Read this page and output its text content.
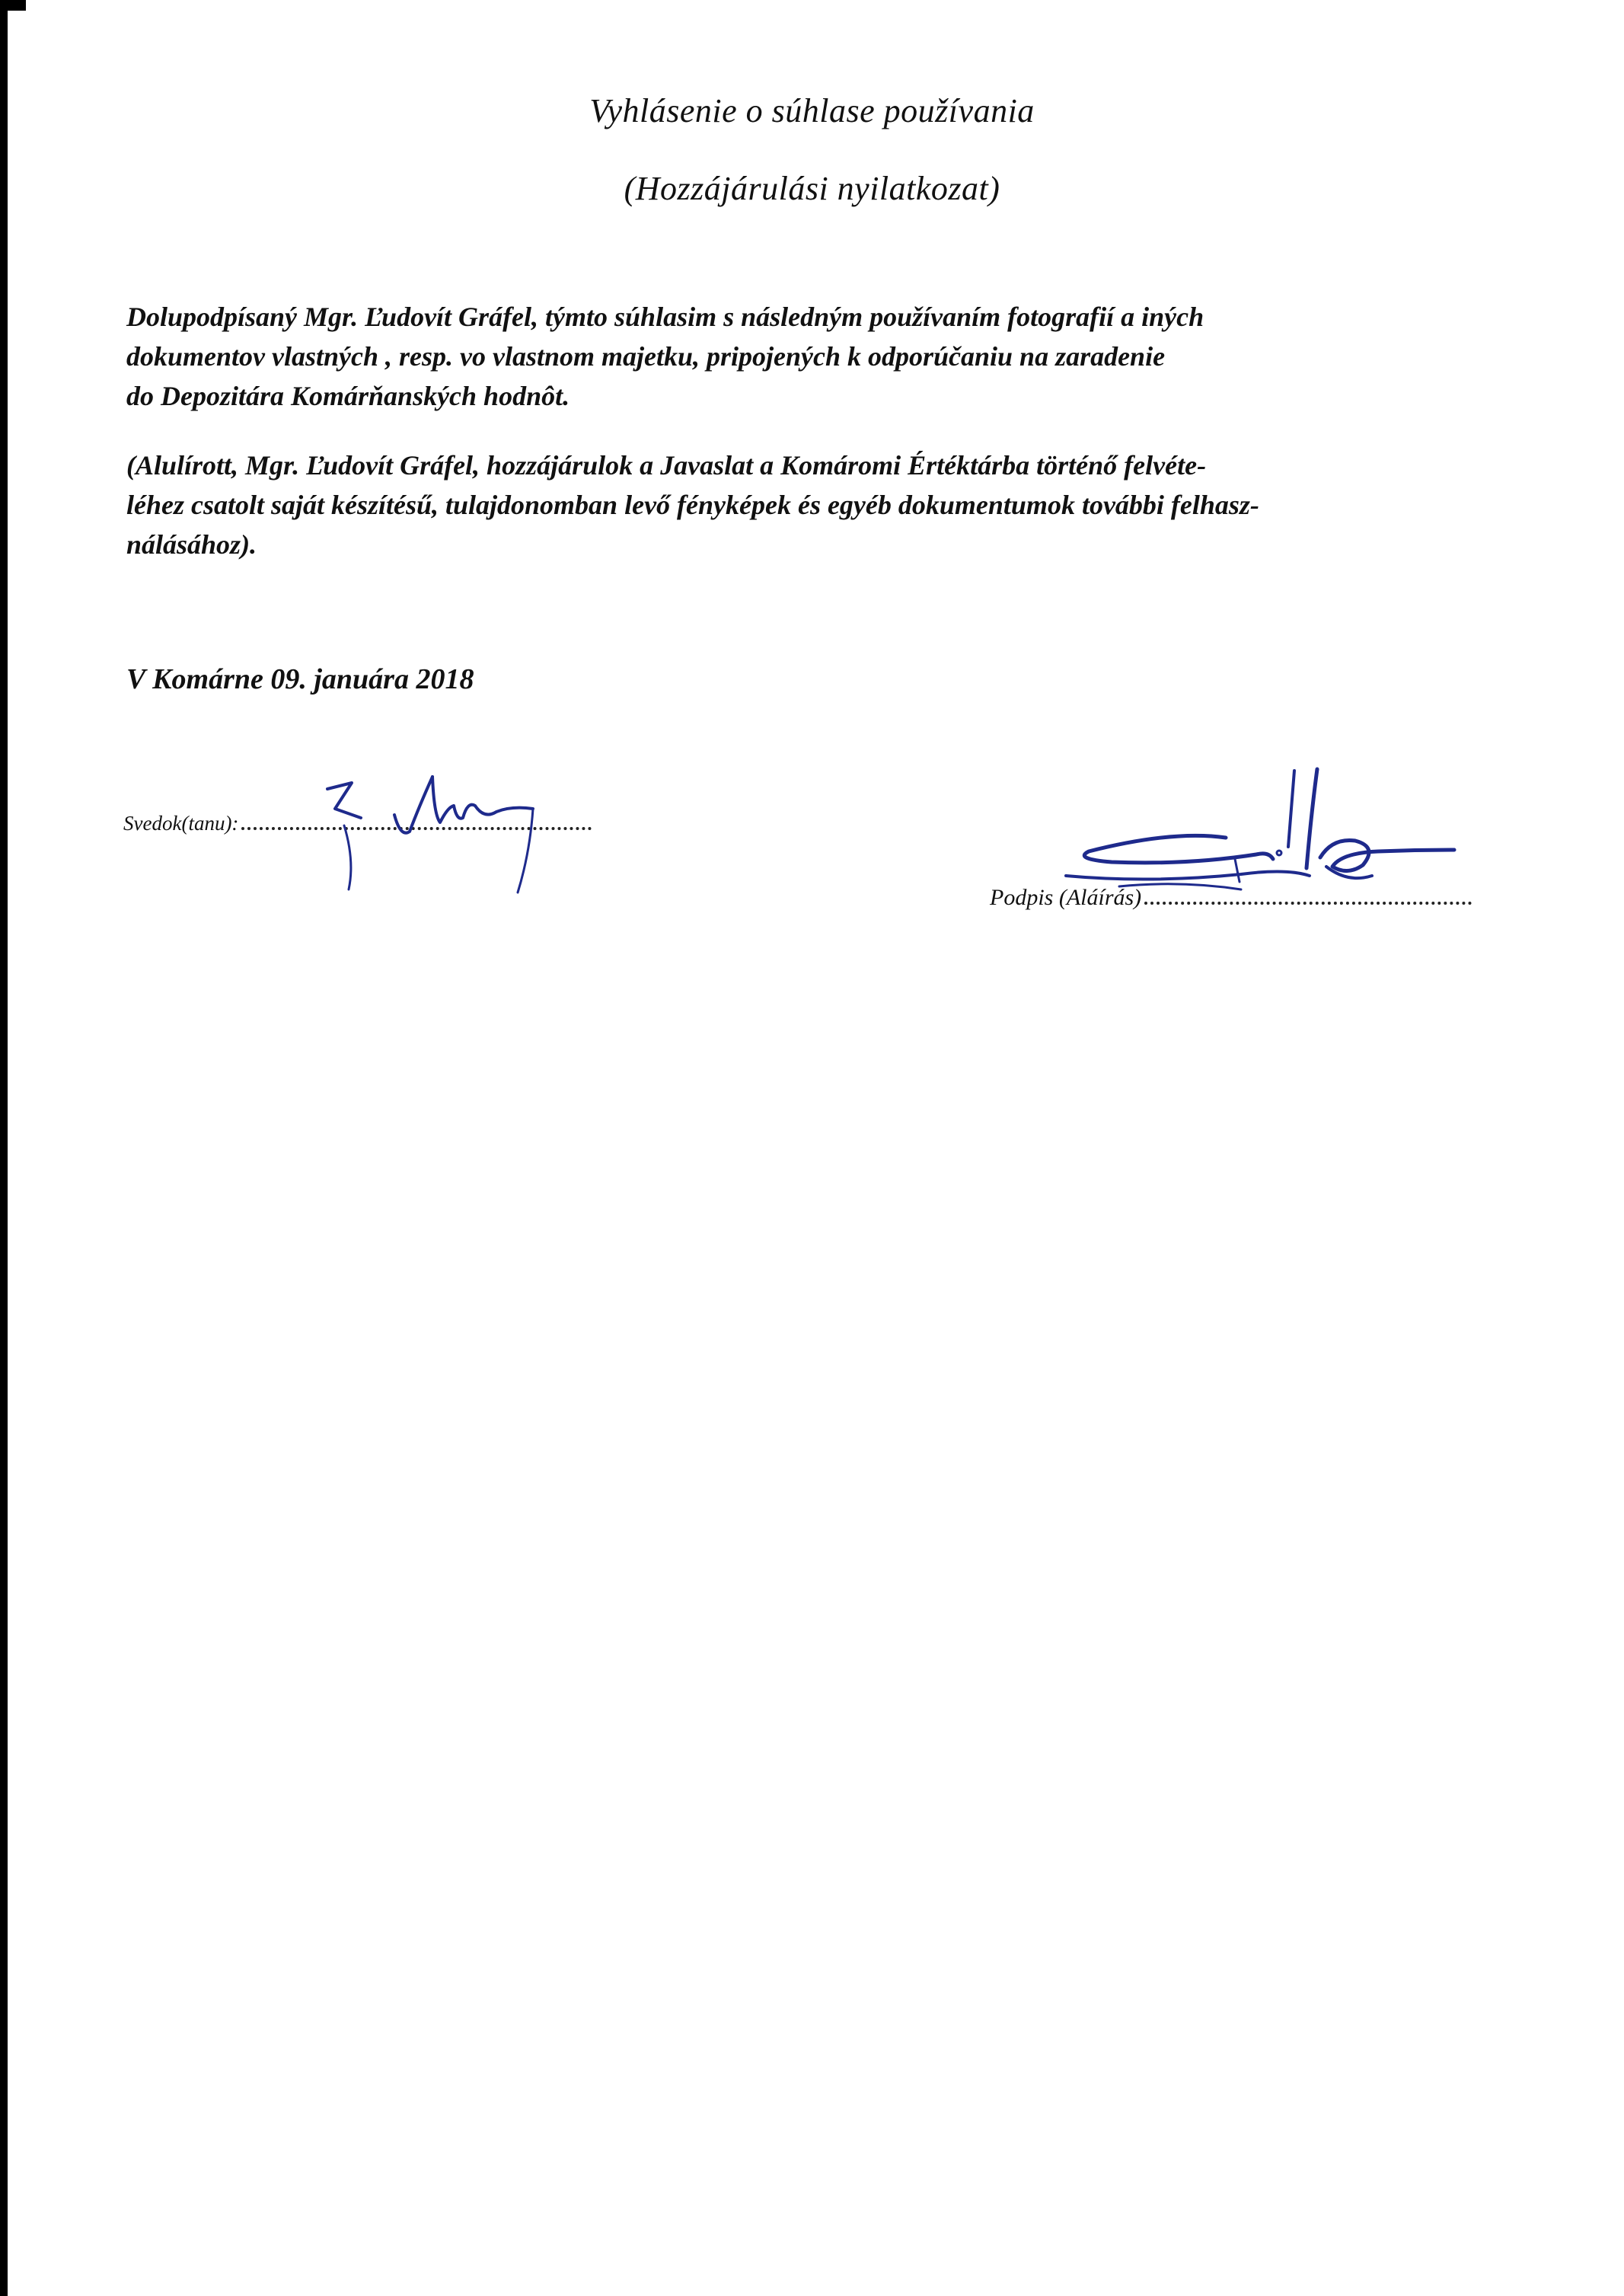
Vyhlásenie o súhlase používania
(Hozzájárulási nyilatkozat)
Dolupodpísaný Mgr. Ľudovít Gráfel, týmto súhlasim s následným používaním fotografií a iných
dokumentov vlastných , resp. vo vlastnom majetku, pripojených k odporúčaniu na zaradenie
do Depozitára Komárňanských hodnôt.
(Alulírott, Mgr. Ľudovít Gráfel, hozzájárulok a Javaslat a Komáromi Értéktárba történő felvéte-
léhez csatolt saját készítésű, tulajdonomban levő fényképek és egyéb dokumentumok további felhasz-
nálásához).
V Komárne 09. januára 2018
Svedok(tanu):
Podpis (Aláírás)
